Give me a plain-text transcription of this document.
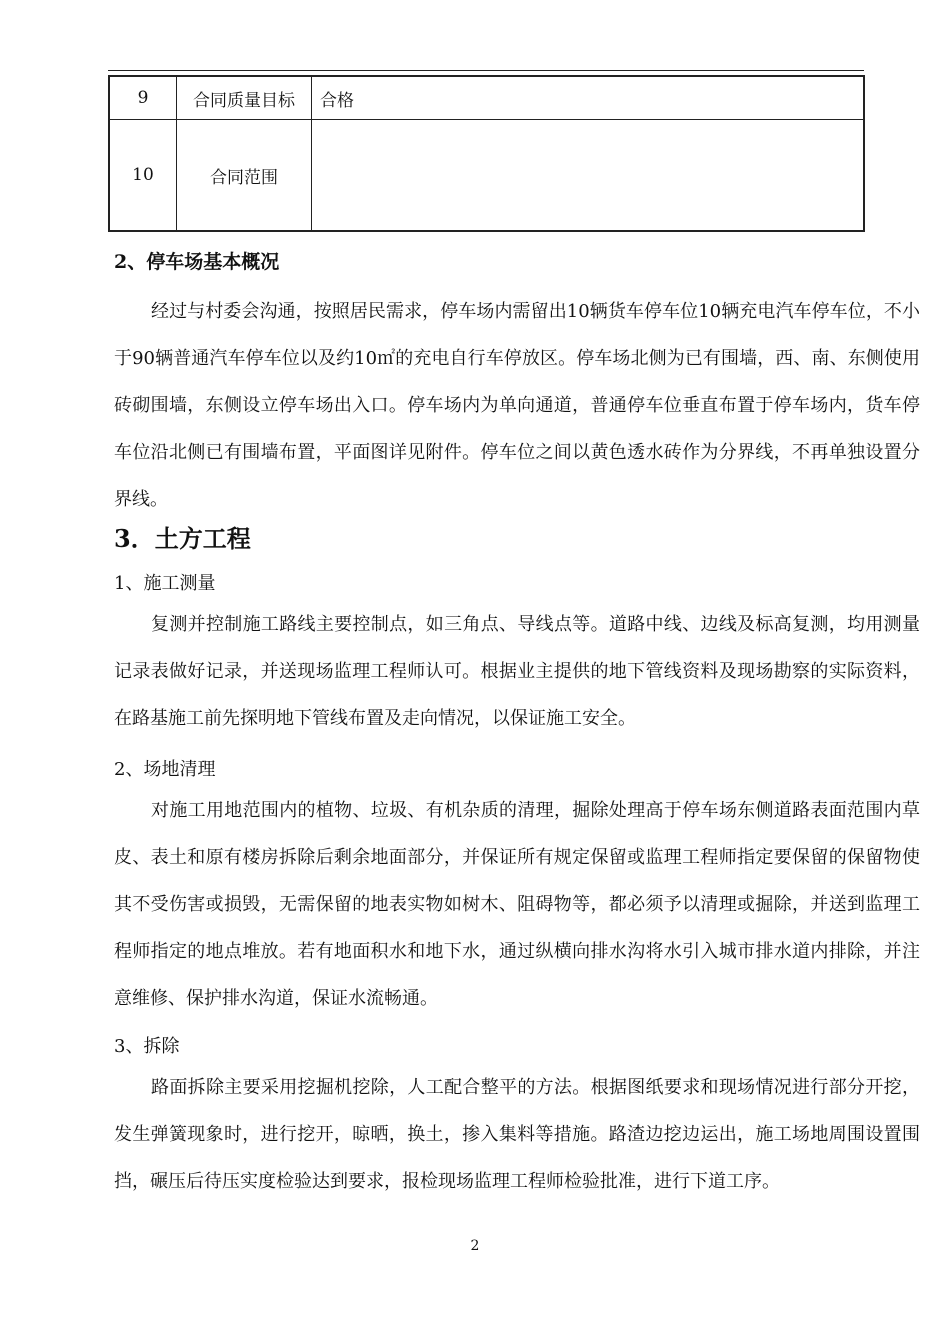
9	合同质量目标	合格
10	合同范围	

2、停车场基本概况

经过与村委会沟通，按照居民需求，停车场内需留出10辆货车停车位10辆充电汽车停车位，不小于90辆普通汽车停车位以及约10㎡的充电自行车停放区。停车场北侧为已有围墙，西、南、东侧使用砖砌围墙，东侧设立停车场出入口。停车场内为单向通道，普通停车位垂直布置于停车场内，货车停车位沿北侧已有围墙布置，平面图详见附件。停车位之间以黄色透水砖作为分界线，不再单独设置分界线。

3．土方工程

1、施工测量

复测并控制施工路线主要控制点，如三角点、导线点等。道路中线、边线及标高复测，均用测量记录表做好记录，并送现场监理工程师认可。根据业主提供的地下管线资料及现场勘察的实际资料，在路基施工前先探明地下管线布置及走向情况，以保证施工安全。

2、场地清理

对施工用地范围内的植物、垃圾、有机杂质的清理，掘除处理高于停车场东侧道路表面范围内草皮、表土和原有楼房拆除后剩余地面部分，并保证所有规定保留或监理工程师指定要保留的保留物使其不受伤害或损毁，无需保留的地表实物如树木、阻碍物等，都必须予以清理或掘除，并送到监理工程师指定的地点堆放。若有地面积水和地下水，通过纵横向排水沟将水引入城市排水道内排除，并注意维修、保护排水沟道，保证水流畅通。

3、拆除

路面拆除主要采用挖掘机挖除，人工配合整平的方法。根据图纸要求和现场情况进行部分开挖，发生弹簧现象时，进行挖开，晾晒，换土，掺入集料等措施。路渣边挖边运出，施工场地周围设置围挡，碾压后待压实度检验达到要求，报检现场监理工程师检验批准，进行下道工序。

2
